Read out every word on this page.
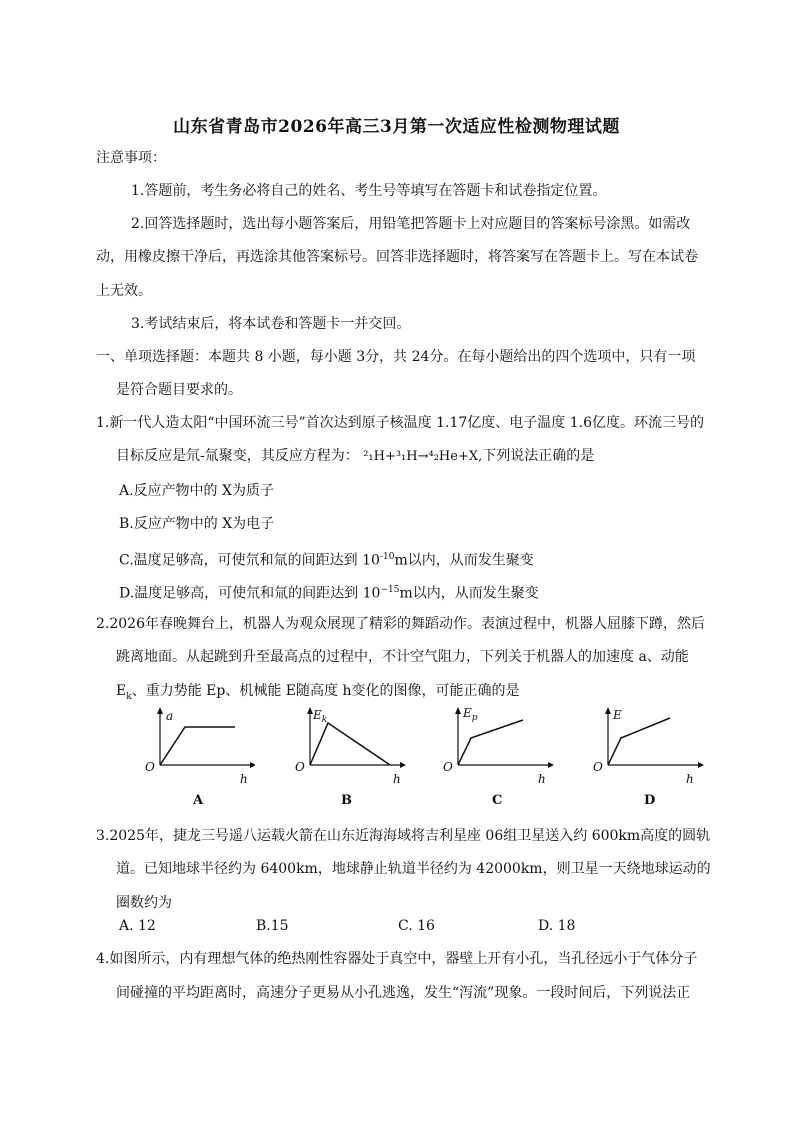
山东省青岛市2026年高三3月第一次适应性检测物理试题
注意事项：
1.答题前，考生务必将自己的姓名、考生号等填写在答题卡和试卷指定位置。
2.回答选择题时，选出每小题答案后，用铅笔把答题卡上对应题目的答案标号涂黑。如需改
动，用橡皮擦干净后，再选涂其他答案标号。回答非选择题时，将答案写在答题卡上。写在本试卷
上无效。
3.考试结束后，将本试卷和答题卡一并交回。
一、单项选择题：本题共 8 小题，每小题 3分，共 24分。在每小题给出的四个选项中，只有一项
是符合题目要求的。
1.新一代人造太阳“中国环流三号”首次达到原子核温度 1.17亿度、电子温度 1.6亿度。环流三号的
目标反应是氘-氚聚变，其反应方程为： ²₁H+³₁H→⁴₂He+X,下列说法正确的是
A.反应产物中的 X为质子
B.反应产物中的 X为电子
C.温度足够高，可使氘和氚的间距达到 $10^{-10}m$以内，从而发生聚变
D.温度足够高，可使氘和氚的间距达到 $10^{-15}m$以内，从而发生聚变
2.2026年春晚舞台上，机器人为观众展现了精彩的舞蹈动作。表演过程中，机器人屈膝下蹲，然后
跳离地面。从起跳到升至最高点的过程中，不计空气阻力，下列关于机器人的加速度 a、动能
$E_k$、重力势能 Ep、机械能 E随高度 h变化的图像，可能正确的是
a
O
h
A
$E_k$
O
h
B
$E_p$
O
h
C
E
O
h
D
3.2025年，捷龙三号遥八运载火箭在山东近海海域将吉利星座 06组卫星送入约 600km高度的圆轨
道。已知地球半径约为 6400km，地球静止轨道半径约为 42000km，则卫星一天绕地球运动的
圈数约为
A. 12	B.15	C. 16	D. 18
4.如图所示，内有理想气体的绝热刚性容器处于真空中，器壁上开有小孔，当孔径远小于气体分子
间碰撞的平均距离时，高速分子更易从小孔逃逸，发生“泻流”现象。一段时间后，下列说法正
